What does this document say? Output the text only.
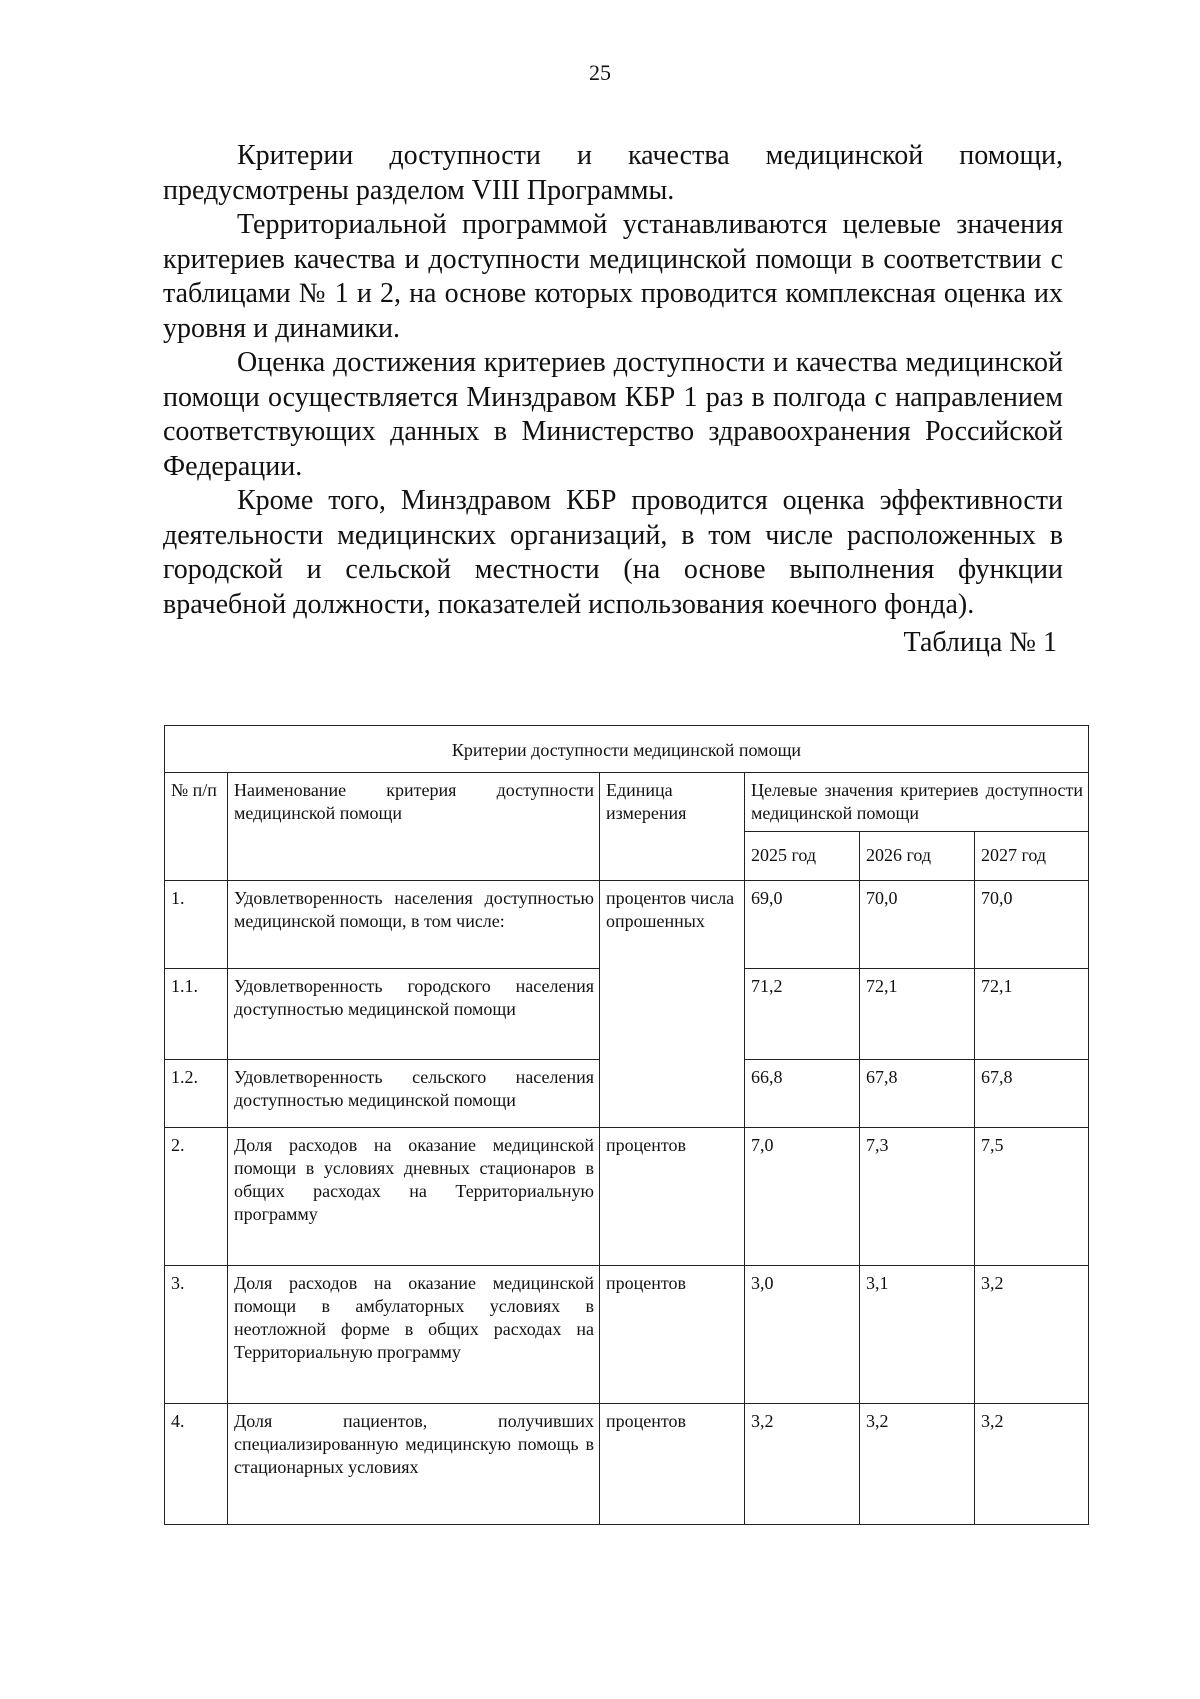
25

Критерии доступности и качества медицинской помощи, предусмотрены разделом VIII Программы.

Территориальной программой устанавливаются целевые значения критериев качества и доступности медицинской помощи в соответствии с таблицами № 1 и 2, на основе которых проводится комплексная оценка их уровня и динамики.

Оценка достижения критериев доступности и качества медицинской помощи осуществляется Минздравом КБР 1 раз в полгода с направлением соответствующих данных в Министерство здравоохранения Российской Федерации.

Кроме того, Минздравом КБР проводится оценка эффективности деятельности медицинских организаций, в том числе расположенных в городской и сельской местности (на основе выполнения функции врачебной должности, показателей использования коечного фонда).

Таблица № 1
Критерии доступности медицинской помощи					
№ п/п	Наименование критерия доступности медицинской помощи	Единица измерения	Целевые значения критериев доступности медицинской помощи		
			2025 год	2026 год	2027 год
1.	Удовлетворенность населения доступностью медицинской помощи, в том числе:	процентов числа опрошенных	69,0	70,0	70,0
1.1.	Удовлетворенность городского населения доступностью медицинской помощи		71,2	72,1	72,1
1.2.	Удовлетворенность сельского населения доступностью медицинской помощи		66,8	67,8	67,8
2.	Доля расходов на оказание медицинской помощи в условиях дневных стационаров в общих расходах на Территориальную программу	процентов	7,0	7,3	7,5
3.	Доля расходов на оказание медицинской помощи в амбулаторных условиях в неотложной форме в общих расходах на Территориальную программу	процентов	3,0	3,1	3,2
4.	Доля пациентов, получивших специализированную медицинскую помощь в стационарных условиях	процентов	3,2	3,2	3,2
